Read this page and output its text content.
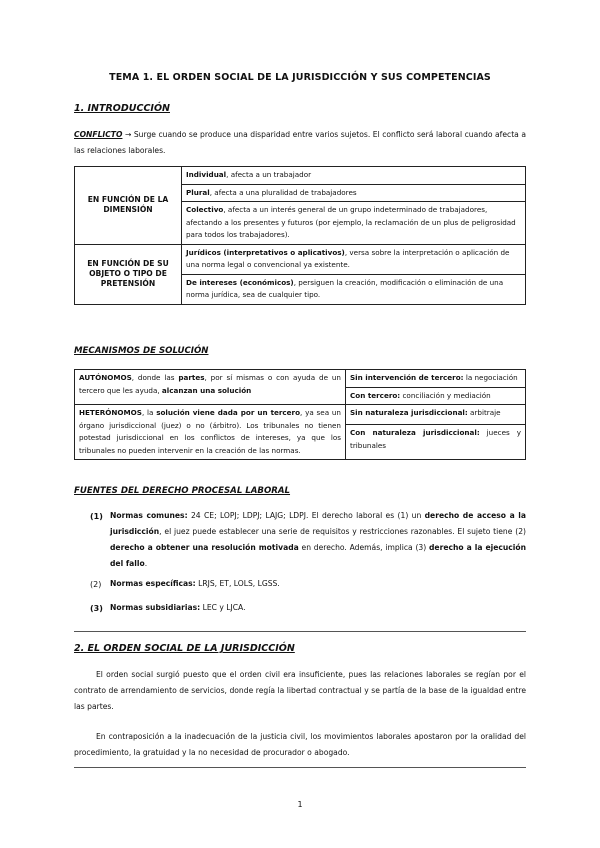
TEMA 1. EL ORDEN SOCIAL DE LA JURISDICCIÓN Y SUS COMPETENCIAS
1. INTRODUCCIÓN
CONFLICTO → Surge cuando se produce una disparidad entre varios sujetos. El conflicto será laboral cuando afecta a las relaciones laborales.
EN FUNCIÓN DE LA DIMENSIÓN	Individual, afecta a un trabajador
	Plural, afecta a una pluralidad de trabajadores
	Colectivo, afecta a un interés general de un grupo indeterminado de trabajadores, afectando a los presentes y futuros (por ejemplo, la reclamación de un plus de peligrosidad para todos los trabajadores).
EN FUNCIÓN DE SU OBJETO O TIPO DE PRETENSIÓN	Jurídicos (interpretativos o aplicativos), versa sobre la interpretación o aplicación de una norma legal o convencional ya existente.
	De intereses (económicos), persiguen la creación, modificación o eliminación de una norma jurídica, sea de cualquier tipo.
MECANISMOS DE SOLUCIÓN
AUTÓNOMOS, donde las partes, por sí mismas o con ayuda de un tercero que les ayuda, alcanzan una solución	Sin intervención de tercero: la negociación
	Con tercero: conciliación y mediación
HETERÓNOMOS, la solución viene dada por un tercero, ya sea un órgano jurisdiccional (juez) o no (árbitro). Los tribunales no tienen potestad jurisdiccional en los conflictos de intereses, ya que los tribunales no pueden intervenir en la creación de las normas.	Sin naturaleza jurisdiccional: arbitraje
	Con naturaleza jurisdiccional: jueces y tribunales
FUENTES DEL DERECHO PROCESAL LABORAL
(1) Normas comunes: 24 CE; LOPJ; LDPJ; LAJG; LDPJ. El derecho laboral es (1) un derecho de acceso a la jurisdicción, el juez puede establecer una serie de requisitos y restricciones razonables. El sujeto tiene (2) derecho a obtener una resolución motivada en derecho. Además, implica (3) derecho a la ejecución del fallo.
(2) Normas específicas: LRJS, ET, LOLS, LGSS.
(3) Normas subsidiarias: LEC y LJCA.
2. EL ORDEN SOCIAL DE LA JURISDICCIÓN
El orden social surgió puesto que el orden civil era insuficiente, pues las relaciones laborales se regían por el contrato de arrendamiento de servicios, donde regía la libertad contractual y se partía de la base de la igualdad entre las partes.
En contraposición a la inadecuación de la justicia civil, los movimientos laborales apostaron por la oralidad del procedimiento, la gratuidad y la no necesidad de procurador o abogado.
1
